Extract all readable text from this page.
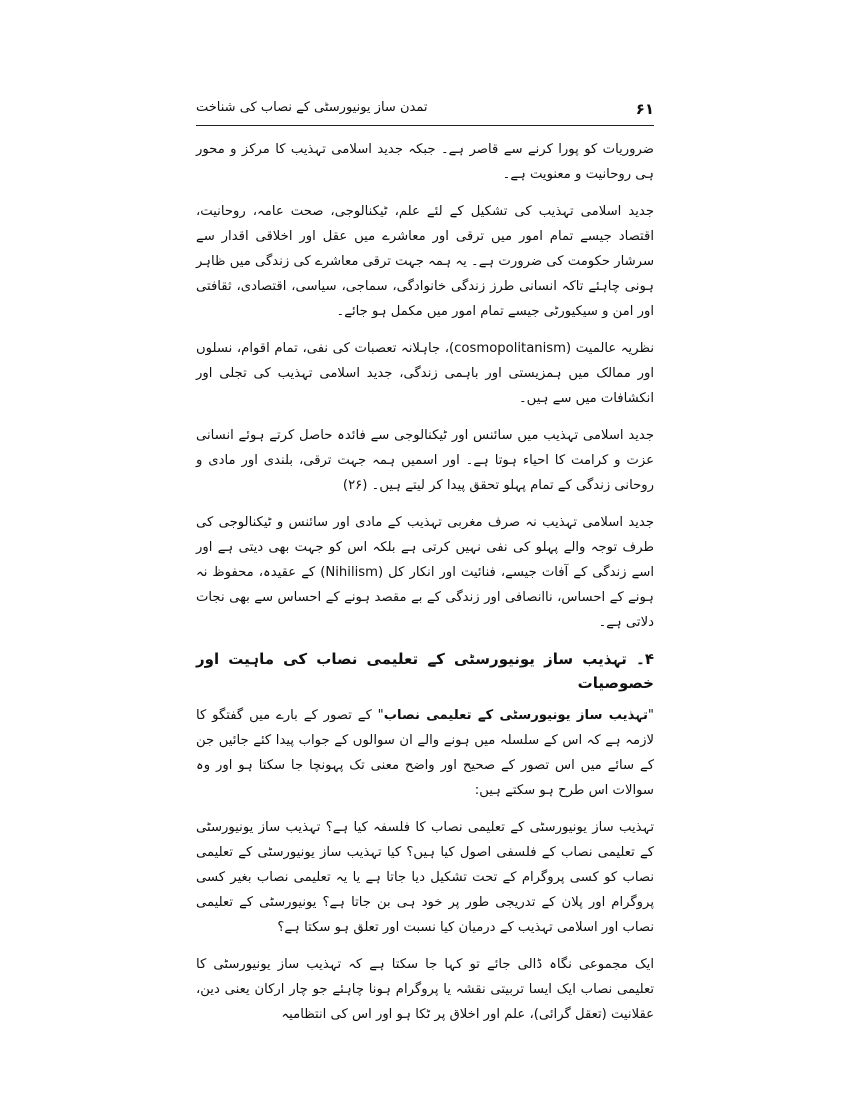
۶۱
تمدن ساز یونیورسٹی کے نصاب کی شناخت

ضروریات کو پورا کرنے سے قاصر ہے۔ جبکہ جدید اسلامی تہذیب کا مرکز و محور ہی روحانیت و معنویت ہے۔

جدید اسلامی تہذیب کی تشکیل کے لئے علم، ٹیکنالوجی، صحت عامہ، روحانیت، اقتصاد جیسے تمام امور میں ترقی اور معاشرے میں عقل اور اخلاقی اقدار سے سرشار حکومت کی ضرورت ہے۔ یہ ہمہ جہت ترقی معاشرے کی زندگی میں ظاہر ہونی چاہئے تاکہ انسانی طرز زندگی خانوادگی، سماجی، سیاسی، اقتصادی، ثقافتی اور امن و سیکیورٹی جیسے تمام امور میں مکمل ہو جائے۔

نظریہ عالمیت (cosmopolitanism)، جاہلانہ تعصبات کی نفی، تمام اقوام، نسلوں اور ممالک میں ہمزیستی اور باہمی زندگی، جدید اسلامی تہذیب کی تجلی اور انکشافات میں سے ہیں۔

جدید اسلامی تہذیب میں سائنس اور ٹیکنالوجی سے فائدہ حاصل کرتے ہوئے انسانی عزت و کرامت کا احیاء ہوتا ہے۔ اور اسمیں ہمہ جہت ترقی، بلندی اور مادی و روحانی زندگی کے تمام پہلو تحقق پیدا کر لیتے ہیں۔ (۲۶)

جدید اسلامی تہذیب نہ صرف مغربی تہذیب کے مادی اور سائنس و ٹیکنالوجی کی طرف توجہ والے پہلو کی نفی نہیں کرتی ہے بلکہ اس کو جہت بھی دیتی ہے اور اسے زندگی کے آفات جیسے، فنائیت اور انکار کل (Nihilism) کے عقیدہ، محفوظ نہ ہونے کے احساس، ناانصافی اور زندگی کے بے مقصد ہونے کے احساس سے بھی نجات دلاتی ہے۔

۴۔ تہذیب ساز یونیورسٹی کے تعلیمی نصاب کی ماہیت اور خصوصیات

"تہذیب ساز یونیورسٹی کے تعلیمی نصاب" کے تصور کے بارے میں گفتگو کا لازمہ ہے کہ اس کے سلسلہ میں ہونے والے ان سوالوں کے جواب پیدا کئے جائیں جن کے سائے میں اس تصور کے صحیح اور واضح معنی تک پہونچا جا سکتا ہو اور وہ سوالات اس طرح ہو سکتے ہیں:

تہذیب ساز یونیورسٹی کے تعلیمی نصاب کا فلسفہ کیا ہے؟ تہذیب ساز یونیورسٹی کے تعلیمی نصاب کے فلسفی اصول کیا ہیں؟ کیا تہذیب ساز یونیورسٹی کے تعلیمی نصاب کو کسی پروگرام کے تحت تشکیل دیا جاتا ہے یا یہ تعلیمی نصاب بغیر کسی پروگرام اور پلان کے تدریجی طور پر خود ہی بن جاتا ہے؟ یونیورسٹی کے تعلیمی نصاب اور اسلامی تہذیب کے درمیان کیا نسبت اور تعلق ہو سکتا ہے؟

ایک مجموعی نگاہ ڈالی جائے تو کہا جا سکتا ہے کہ تہذیب ساز یونیورسٹی کا تعلیمی نصاب ایک ایسا تربیتی نقشہ یا پروگرام ہونا چاہئے جو چار ارکان یعنی دین، عقلانیت (تعقل گرائی)، علم اور اخلاق پر ٹکا ہو اور اس کی انتظامیہ
